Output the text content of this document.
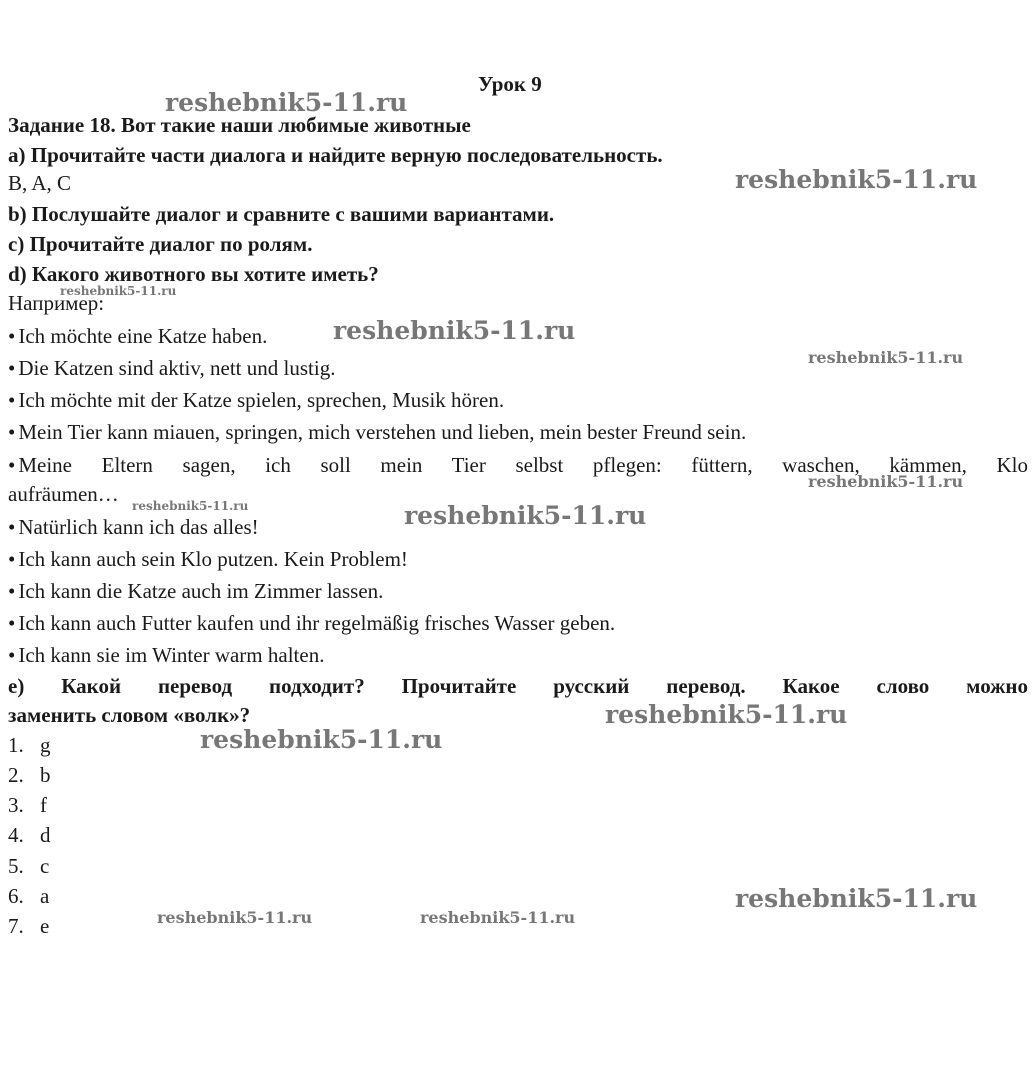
Урок 9
Задание 18. Вот такие наши любимые животные
a) Прочитайте части диалога и найдите верную последовательность.
B, A, C
b) Послушайте диалог и сравните с вашими вариантами.
c) Прочитайте диалог по ролям.
d) Какого животного вы хотите иметь?
Например:
• Ich möchte eine Katze haben.
• Die Katzen sind aktiv, nett und lustig.
• Ich möchte mit der Katze spielen, sprechen, Musik hören.
• Mein Tier kann miauen, springen, mich verstehen und lieben, mein bester Freund sein.
• Meine Eltern sagen, ich soll mein Tier selbst pflegen: füttern, waschen, kämmen, Klo
aufräumen…
• Natürlich kann ich das alles!
• Ich kann auch sein Klo putzen. Kein Problem!
• Ich kann die Katze auch im Zimmer lassen.
• Ich kann auch Futter kaufen und ihr regelmäßig frisches Wasser geben.
• Ich kann sie im Winter warm halten.
e) Какой перевод подходит? Прочитайте русский перевод. Какое слово можно
заменить словом «волк»?
1. g
2. b
3. f
4. d
5. c
6. a
7. e
reshebnik5-11.ru
reshebnik5-11.ru
reshebnik5-11.ru
reshebnik5-11.ru
reshebnik5-11.ru
reshebnik5-11.ru
reshebnik5-11.ru	reshebnik5-11.ru
reshebnik5-11.ru
reshebnik5-11.ru
reshebnik5-11.ru
reshebnik5-11.ru	reshebnik5-11.ru
